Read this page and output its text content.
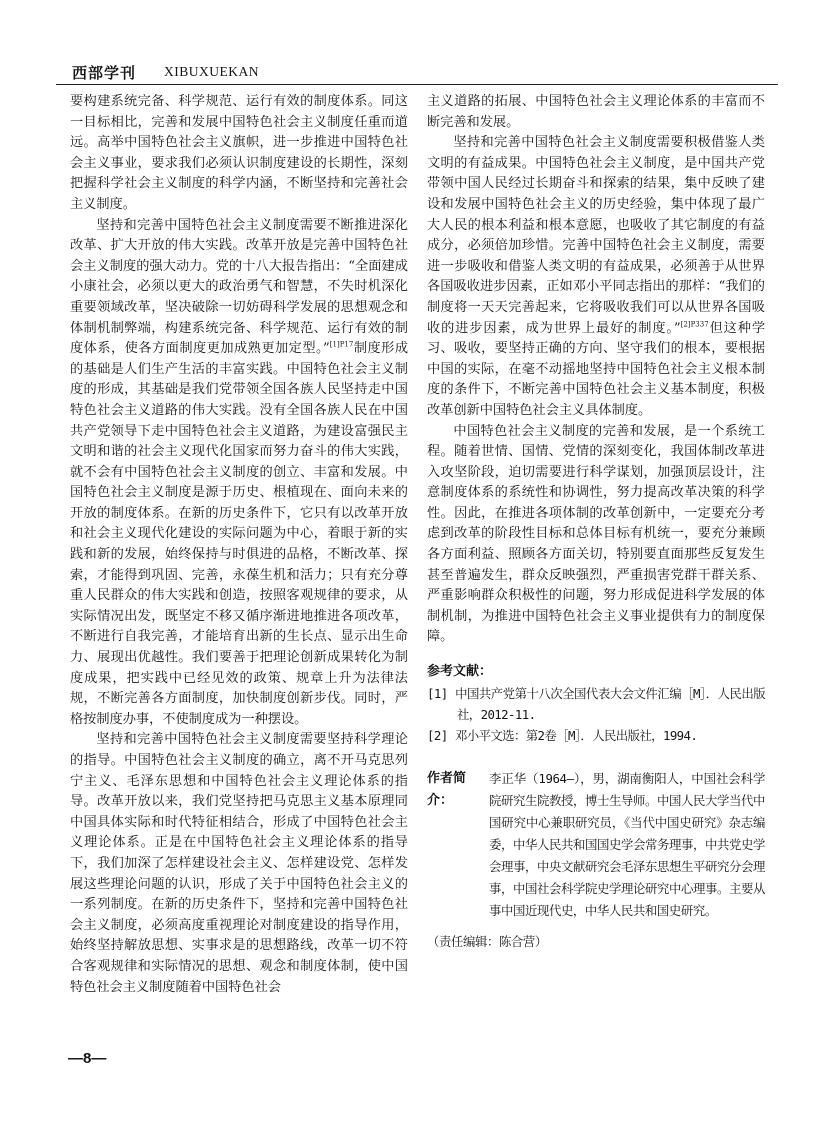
西部学刊 XIBUXUEKAN

要构建系统完备、科学规范、运行有效的制度体系。同这一目标相比，完善和发展中国特色社会主义制度任重而道远。高举中国特色社会主义旗帜，进一步推进中国特色社会主义事业，要求我们必须认识制度建设的长期性，深刻把握科学社会主义制度的科学内涵，不断坚持和完善社会主义制度。

坚持和完善中国特色社会主义制度需要不断推进深化改革、扩大开放的伟大实践。改革开放是完善中国特色社会主义制度的强大动力。党的十八大报告指出：“全面建成小康社会，必须以更大的政治勇气和智慧，不失时机深化重要领域改革，坚决破除一切妨碍科学发展的思想观念和体制机制弊端，构建系统完备、科学规范、运行有效的制度体系，使各方面制度更加成熟更加定型。”$^{[1]P17}$制度形成的基础是人们生产生活的丰富实践。中国特色社会主义制度的形成，其基础是我们党带领全国各族人民坚持走中国特色社会主义道路的伟大实践。没有全国各族人民在中国共产党领导下走中国特色社会主义道路，为建设富强民主文明和谐的社会主义现代化国家而努力奋斗的伟大实践，就不会有中国特色社会主义制度的创立、丰富和发展。中国特色社会主义制度是源于历史、根植现在、面向未来的开放的制度体系。在新的历史条件下，它只有以改革开放和社会主义现代化建设的实际问题为中心，着眼于新的实践和新的发展，始终保持与时俱进的品格，不断改革、探索，才能得到巩固、完善，永葆生机和活力；只有充分尊重人民群众的伟大实践和创造，按照客观规律的要求，从实际情况出发，既坚定不移又循序渐进地推进各项改革，不断进行自我完善，才能培育出新的生长点、显示出生命力、展现出优越性。我们要善于把理论创新成果转化为制度成果，把实践中已经见效的政策、规章上升为法律法规，不断完善各方面制度，加快制度创新步伐。同时，严格按制度办事，不使制度成为一种摆设。

坚持和完善中国特色社会主义制度需要坚持科学理论的指导。中国特色社会主义制度的确立，离不开马克思列宁主义、毛泽东思想和中国特色社会主义理论体系的指导。改革开放以来，我们党坚持把马克思主义基本原理同中国具体实际和时代特征相结合，形成了中国特色社会主义理论体系。正是在中国特色社会主义理论体系的指导下，我们加深了怎样建设社会主义、怎样建设党、怎样发展这些理论问题的认识，形成了关于中国特色社会主义的一系列制度。在新的历史条件下，坚持和完善中国特色社会主义制度，必须高度重视理论对制度建设的指导作用，始终坚持解放思想、实事求是的思想路线，改革一切不符合客观规律和实际情况的思想、观念和制度体制，使中国特色社会主义制度随着中国特色社会

主义道路的拓展、中国特色社会主义理论体系的丰富而不断完善和发展。

坚持和完善中国特色社会主义制度需要积极借鉴人类文明的有益成果。中国特色社会主义制度，是中国共产党带领中国人民经过长期奋斗和探索的结果，集中反映了建设和发展中国特色社会主义的历史经验，集中体现了最广大人民的根本利益和根本意愿，也吸收了其它制度的有益成分，必须倍加珍惜。完善中国特色社会主义制度，需要进一步吸收和借鉴人类文明的有益成果，必须善于从世界各国吸收进步因素，正如邓小平同志指出的那样：“我们的制度将一天天完善起来，它将吸收我们可以从世界各国吸收的进步因素，成为世界上最好的制度。”$^{[2]P337}$但这种学习、吸收，要坚持正确的方向、坚守我们的根本，要根据中国的实际，在毫不动摇地坚持中国特色社会主义根本制度的条件下，不断完善中国特色社会主义基本制度，积极改革创新中国特色社会主义具体制度。

中国特色社会主义制度的完善和发展，是一个系统工程。随着世情、国情、党情的深刻变化，我国体制改革进入攻坚阶段，迫切需要进行科学谋划，加强顶层设计，注意制度体系的系统性和协调性，努力提高改革决策的科学性。因此，在推进各项体制的改革创新中，一定要充分考虑到改革的阶段性目标和总体目标有机统一，要充分兼顾各方面利益、照顾各方面关切，特别要直面那些反复发生甚至普遍发生，群众反映强烈，严重损害党群干群关系、严重影响群众积极性的问题，努力形成促进科学发展的体制机制，为推进中国特色社会主义事业提供有力的制度保障。

参考文献：

[1] 中国共产党第十八次全国代表大会文件汇编［M］．人民出版社，2012-11.

[2] 邓小平文选：第2卷［M］．人民出版社，1994.

作者简介：
李正华（1964—），男，湖南衡阳人，中国社会科学院研究生院教授，博士生导师。中国人民大学当代中国研究中心兼职研究员，《当代中国史研究》杂志编委，中华人民共和国国史学会常务理事，中共党史学会理事，中央文献研究会毛泽东思想生平研究分会理事，中国社会科学院史学理论研究中心理事。主要从事中国近现代史，中华人民共和国史研究。

（责任编辑：陈合营）

—8—
